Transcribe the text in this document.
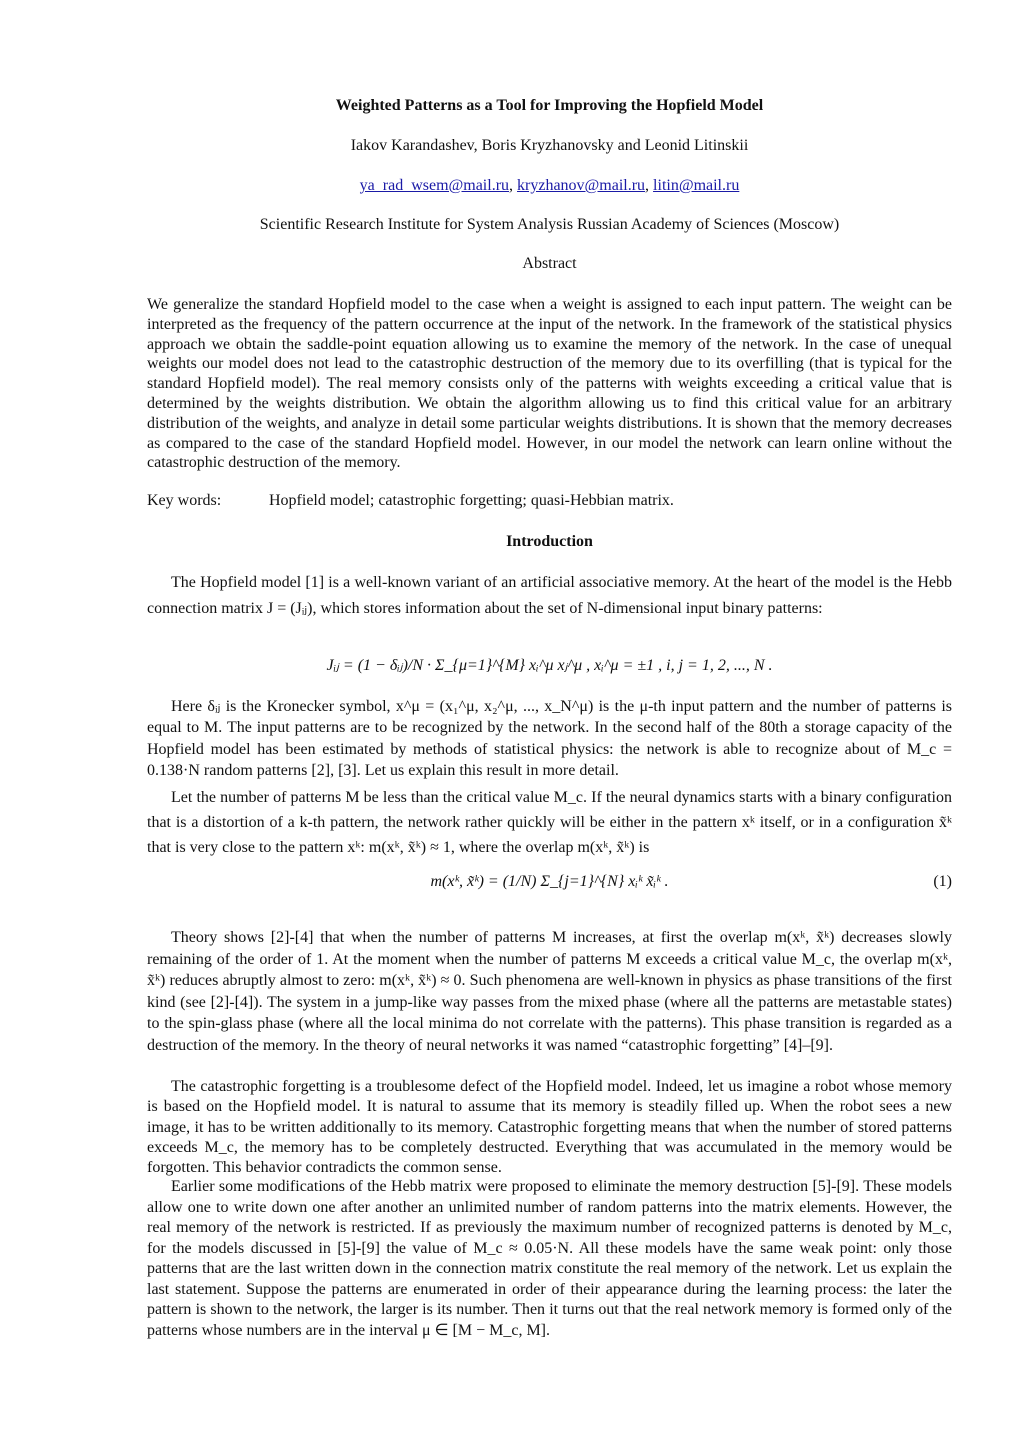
Weighted Patterns as a Tool for Improving the Hopfield Model
Iakov Karandashev, Boris Kryzhanovsky and Leonid Litinskii
ya_rad_wsem@mail.ru, kryzhanov@mail.ru, litin@mail.ru
Scientific Research Institute for System Analysis Russian Academy of Sciences (Moscow)
Abstract
We generalize the standard Hopfield model to the case when a weight is assigned to each input pattern. The weight can be interpreted as the frequency of the pattern occurrence at the input of the network. In the framework of the statistical physics approach we obtain the saddle-point equation allowing us to examine the memory of the network. In the case of unequal weights our model does not lead to the catastrophic destruction of the memory due to its overfilling (that is typical for the standard Hopfield model). The real memory consists only of the patterns with weights exceeding a critical value that is determined by the weights distribution. We obtain the algorithm allowing us to find this critical value for an arbitrary distribution of the weights, and analyze in detail some particular weights distributions. It is shown that the memory decreases as compared to the case of the standard Hopfield model. However, in our model the network can learn online without the catastrophic destruction of the memory.
Key words:	Hopfield model; catastrophic forgetting; quasi-Hebbian matrix.
Introduction
The Hopfield model [1] is a well-known variant of an artificial associative memory. At the heart of the model is the Hebb connection matrix J = (Jᵢⱼ), which stores information about the set of N-dimensional input binary patterns:
Jᵢⱼ = (1 − δᵢⱼ)/N · Σ_{μ=1}^{M} xᵢ^μ xⱼ^μ , xᵢ^μ = ±1 , i, j = 1, 2, ..., N .
Here δᵢⱼ is the Kronecker symbol, x^μ = (x₁^μ, x₂^μ, ..., x_N^μ) is the μ-th input pattern and the number of patterns is equal to M. The input patterns are to be recognized by the network. In the second half of the 80th a storage capacity of the Hopfield model has been estimated by methods of statistical physics: the network is able to recognize about of M_c = 0.138·N random patterns [2], [3]. Let us explain this result in more detail.
Let the number of patterns M be less than the critical value M_c. If the neural dynamics starts with a binary configuration that is a distortion of a k-th pattern, the network rather quickly will be either in the pattern xᵏ itself, or in a configuration x̃ᵏ that is very close to the pattern xᵏ: m(xᵏ, x̃ᵏ) ≈ 1, where the overlap m(xᵏ, x̃ᵏ) is
m(xᵏ, x̃ᵏ) = (1/N) Σ_{j=1}^{N} xᵢᵏ x̃ᵢᵏ .	(1)
Theory shows [2]-[4] that when the number of patterns M increases, at first the overlap m(xᵏ, x̃ᵏ) decreases slowly remaining of the order of 1. At the moment when the number of patterns M exceeds a critical value M_c, the overlap m(xᵏ, x̃ᵏ) reduces abruptly almost to zero: m(xᵏ, x̃ᵏ) ≈ 0. Such phenomena are well-known in physics as phase transitions of the first kind (see [2]-[4]). The system in a jump-like way passes from the mixed phase (where all the patterns are metastable states) to the spin-glass phase (where all the local minima do not correlate with the patterns). This phase transition is regarded as a destruction of the memory. In the theory of neural networks it was named “catastrophic forgetting” [4]–[9].
The catastrophic forgetting is a troublesome defect of the Hopfield model. Indeed, let us imagine a robot whose memory is based on the Hopfield model. It is natural to assume that its memory is steadily filled up. When the robot sees a new image, it has to be written additionally to its memory. Catastrophic forgetting means that when the number of stored patterns exceeds M_c, the memory has to be completely destructed. Everything that was accumulated in the memory would be forgotten. This behavior contradicts the common sense.
Earlier some modifications of the Hebb matrix were proposed to eliminate the memory destruction [5]-[9]. These models allow one to write down one after another an unlimited number of random patterns into the matrix elements. However, the real memory of the network is restricted. If as previously the maximum number of recognized patterns is denoted by M_c, for the models discussed in [5]-[9] the value of M_c ≈ 0.05·N. All these models have the same weak point: only those patterns that are the last written down in the connection matrix constitute the real memory of the network. Let us explain the last statement. Suppose the patterns are enumerated in order of their appearance during the learning process: the later the pattern is shown to the network, the larger is its number. Then it turns out that the real network memory is formed only of the patterns whose numbers are in the interval μ ∈ [M − M_c, M].
